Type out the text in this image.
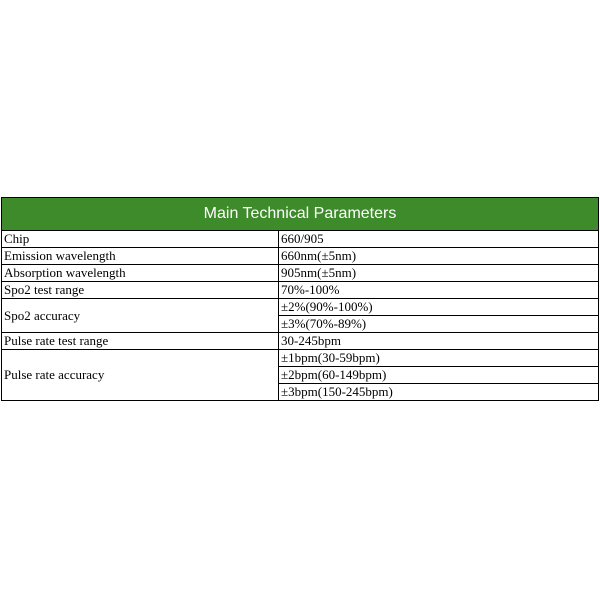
Main Technical Parameters	
Chip	660/905
Emission wavelength	660nm(±5nm)
Absorption wavelength	905nm(±5nm)
Spo2 test range	70%-100%
Spo2 accuracy	±2%(90%-100%)
	±3%(70%-89%)
Pulse rate test range	30-245bpm
Pulse rate accuracy	±1bpm(30-59bpm)
	±2bpm(60-149bpm)
	±3bpm(150-245bpm)
